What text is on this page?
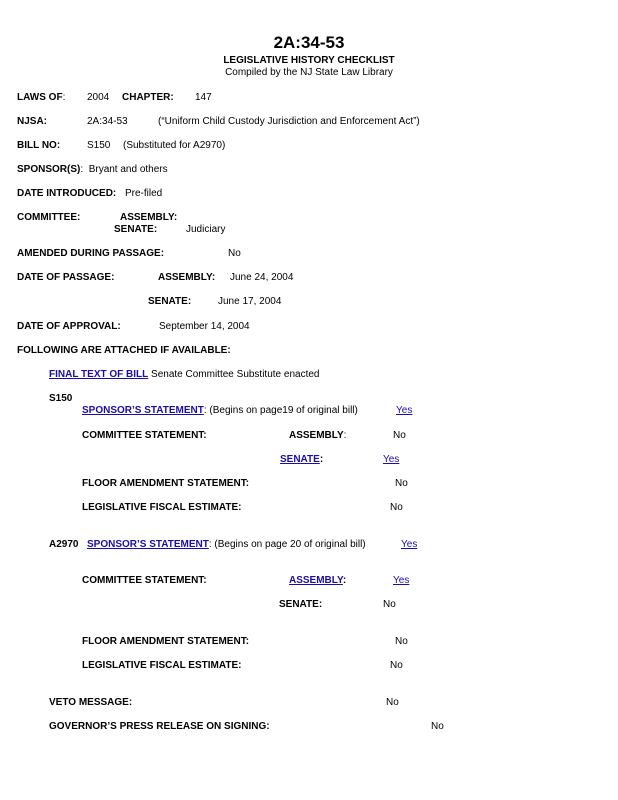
2A:34-53
LEGISLATIVE HISTORY CHECKLIST
Compiled by the NJ State Law Library
LAWS OF: 2004 CHAPTER: 147
NJSA:	2A:34-53	(“Uniform Child Custody Jurisdiction and Enforcement Act”)
BILL NO:	S150 (Substituted for A2970)
SPONSOR(S): Bryant and others
DATE INTRODUCED: Pre-filed
COMMITTEE:	ASSEMBLY:
SENATE:	Judiciary
AMENDED DURING PASSAGE:	No
DATE OF PASSAGE:	ASSEMBLY: June 24, 2004
SENATE:	June 17, 2004
DATE OF APPROVAL:	September 14, 2004
FOLLOWING ARE ATTACHED IF AVAILABLE:
FINAL TEXT OF BILL Senate Committee Substitute enacted
S150
SPONSOR’S STATEMENT: (Begins on page19 of original bill)	Yes
COMMITTEE STATEMENT:	ASSEMBLY:	No
SENATE:	Yes
FLOOR AMENDMENT STATEMENT:	No
LEGISLATIVE FISCAL ESTIMATE:	No
A2970 SPONSOR’S STATEMENT: (Begins on page 20 of original bill)	Yes
COMMITTEE STATEMENT:	ASSEMBLY:	Yes
SENATE:	No
FLOOR AMENDMENT STATEMENT:	No
LEGISLATIVE FISCAL ESTIMATE:	No
VETO MESSAGE:	No
GOVERNOR’S PRESS RELEASE ON SIGNING:	No
